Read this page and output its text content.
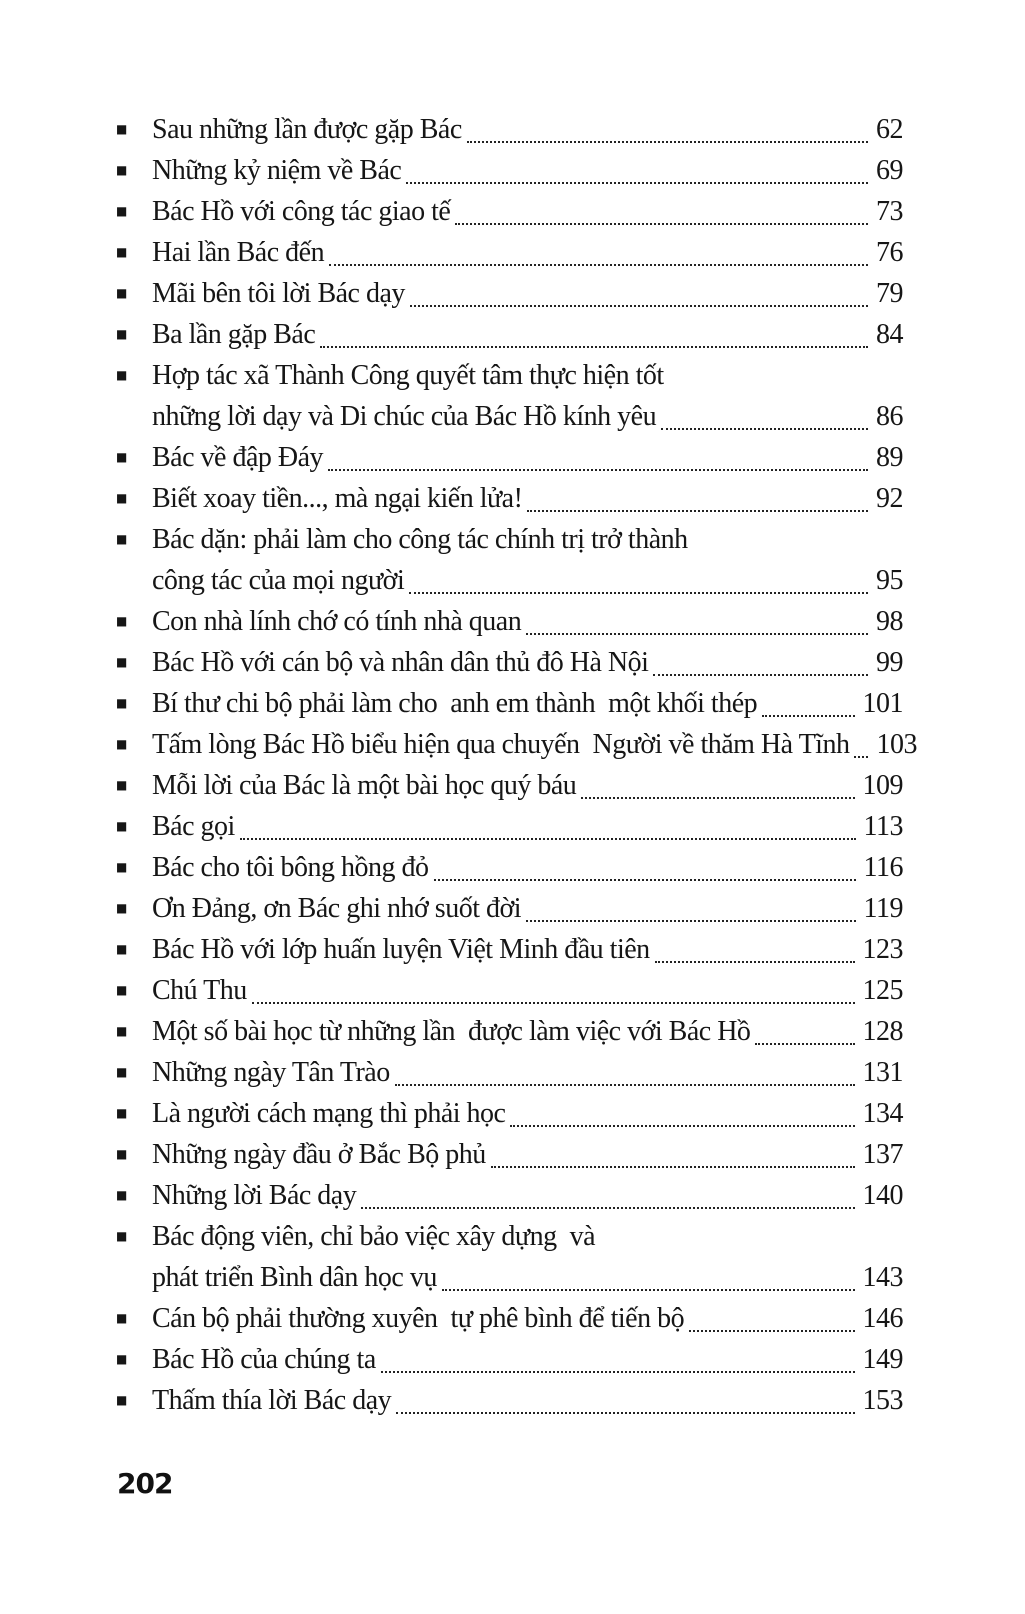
■ Sau những lần được gặp Bác	62
■ Những kỷ niệm về Bác	69
■ Bác Hồ với công tác giao tế	73
■ Hai lần Bác đến	76
■ Mãi bên tôi lời Bác dạy	79
■ Ba lần gặp Bác	84
■ Hợp tác xã Thành Công quyết tâm thực hiện tốt
những lời dạy và Di chúc của Bác Hồ kính yêu	86
■ Bác về đập Đáy	89
■ Biết xoay tiền..., mà ngại kiến lửa!	92
■ Bác dặn: phải làm cho công tác chính trị trở thành
công tác của mọi người	95
■ Con nhà lính chớ có tính nhà quan	98
■ Bác Hồ với cán bộ và nhân dân thủ đô Hà Nội	99
■ Bí thư chi bộ phải làm cho  anh em thành  một khối thép	101
■ Tấm lòng Bác Hồ biểu hiện qua chuyến  Người về thăm Hà Tĩnh 103
■ Mỗi lời của Bác là một bài học quý báu	109
■ Bác gọi	113
■ Bác cho tôi bông hồng đỏ	116
■ Ơn Đảng, ơn Bác ghi nhớ suốt đời	119
■ Bác Hồ với lớp huấn luyện Việt Minh đầu tiên	123
■ Chú Thu	125
■ Một số bài học từ những lần  được làm việc với Bác Hồ	128
■ Những ngày Tân Trào	131
■ Là người cách mạng thì phải học	134
■ Những ngày đầu ở Bắc Bộ phủ	137
■ Những lời Bác dạy	140
■ Bác động viên, chỉ bảo việc xây dựng  và
phát triển Bình dân học vụ	143
■ Cán bộ phải thường xuyên  tự phê bình để tiến bộ	146
■ Bác Hồ của chúng ta	149
■ Thấm thía lời Bác dạy	153
202
